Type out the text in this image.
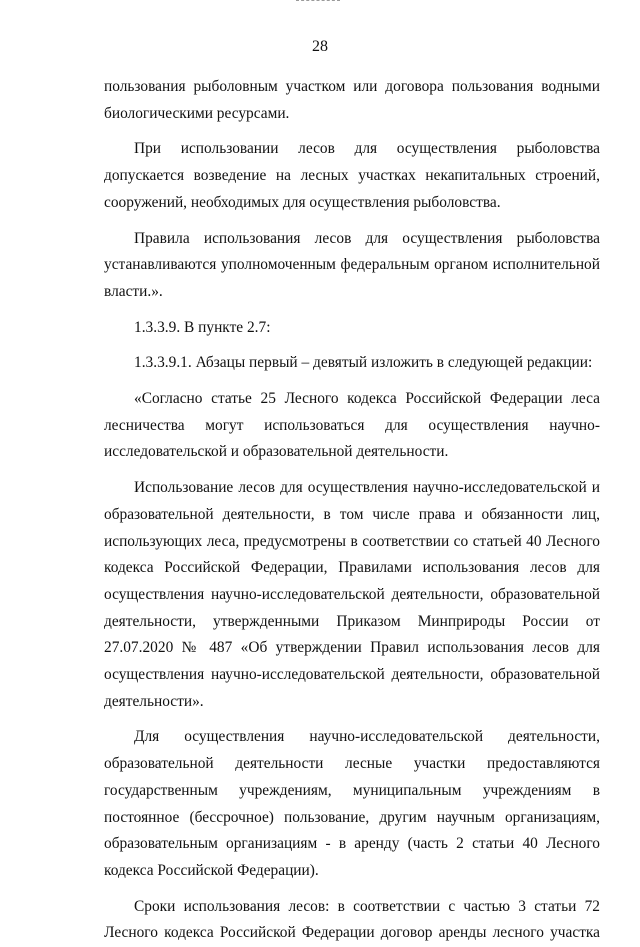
28

пользования рыболовным участком или договора пользования водными биологическими ресурсами.

При использовании лесов для осуществления рыболовства допускается возведение на лесных участках некапитальных строений, сооружений, необходимых для осуществления рыболовства.

Правила использования лесов для осуществления рыболовства устанавливаются уполномоченным федеральным органом исполнительной власти.».

1.3.3.9. В пункте 2.7:

1.3.3.9.1. Абзацы первый – девятый изложить в следующей редакции:

«Согласно статье 25 Лесного кодекса Российской Федерации леса лесничества могут использоваться для осуществления научно-исследовательской и образовательной деятельности.

Использование лесов для осуществления научно-исследовательской и образовательной деятельности, в том числе права и обязанности лиц, использующих леса, предусмотрены в соответствии со статьей 40 Лесного кодекса Российской Федерации, Правилами использования лесов для осуществления научно-исследовательской деятельности, образовательной деятельности, утвержденными Приказом Минприроды России от 27.07.2020 № 487 «Об утверждении Правил использования лесов для осуществления научно-исследовательской деятельности, образовательной деятельности».

Для осуществления научно-исследовательской деятельности, образовательной деятельности лесные участки предоставляются государственным учреждениям, муниципальным учреждениям в постоянное (бессрочное) пользование, другим научным организациям, образовательным организациям - в аренду (часть 2 статьи 40 Лесного кодекса Российской Федерации).

Сроки использования лесов: в соответствии с частью 3 статьи 72 Лесного кодекса Российской Федерации договор аренды лесного участка
